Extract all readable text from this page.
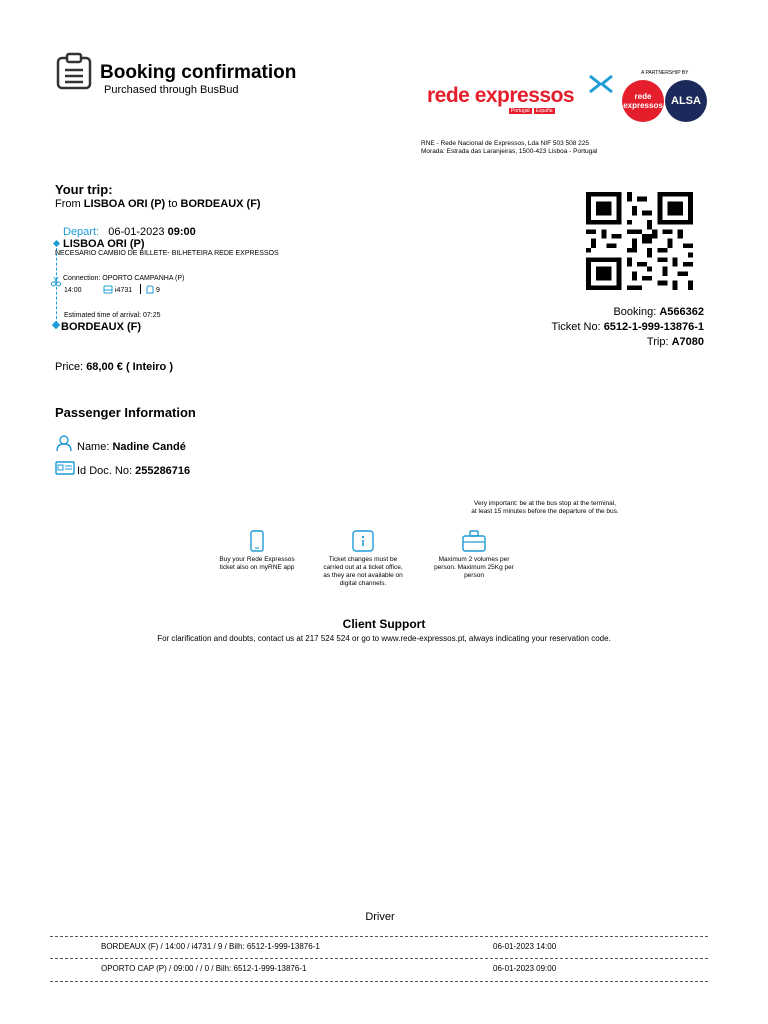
Booking confirmation
Purchased through BusBud	rede expressos
Portugal	España
A PARTNERSHIP BY
rede expressos ALSA
RNE - Rede Nacional de Expressos, Lda NIF 503 508 225
Morada: Estrada das Laranjeiras, 1500-423 Lisboa - Portugal
Your trip:
From LISBOA ORI (P) to BORDEAUX (F)
Depart: 06-01-2023 09:00
LISBOA ORI (P)
NECESARIO CAMBIO DE BILLETE- BILHETEIRA REDE EXPRESSOS
Connection: OPORTO CAMPANHA (P)
14:00	i4731	9
Estimated time of arrival: 07:25
BORDEAUX (F)
Price: 68,00 € ( Inteiro )
Booking: A566362
Ticket No: 6512-1-999-13876-1
Trip: A7080
Passenger Information
Name: Nadine Candé
Id Doc. No: 255286716
Very important: be at the bus stop at the terminal,
at least 15 minutes before the departure of the bus.
Buy your Rede Expressos
ticket also on myRNE app
Ticket changes must be
carried out at a ticket office,
as they are not available on
digital channels.
Maximum 2 volumes per
person. Maximum 25Kg per
person
Client Support
For clarification and doubts, contact us at 217 524 524 or go to www.rede-expressos.pt, always indicating your reservation code.
Driver
BORDEAUX (F) / 14:00 / i4731 / 9 / Bilh: 6512-1-999-13876-1	06-01-2023 14:00
OPORTO CAP (P) / 09:00 / / 0 / Bilh: 6512-1-999-13876-1	06-01-2023 09:00
